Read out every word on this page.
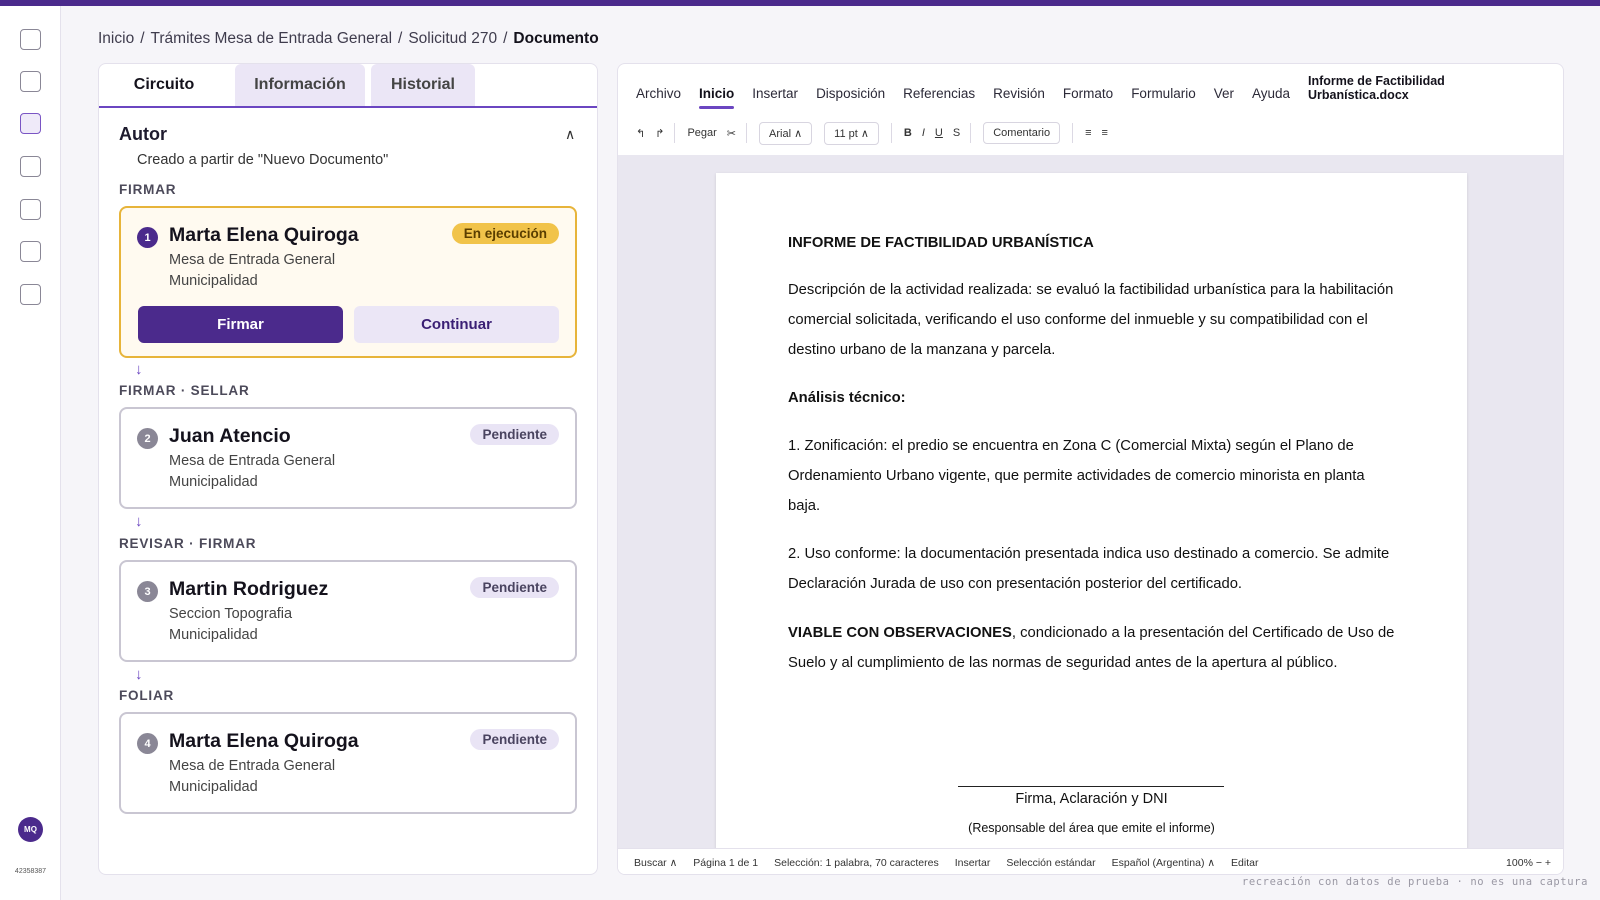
MQ
42358387
Inicio / Trámites Mesa de Entrada General / Solicitud 270 / Documento
Circuito	Información	Historial
Autor
Creado a partir de "Nuevo Documento"
∧
FIRMAR
1 Marta Elena Quiroga	En ejecución
Mesa de Entrada General
Municipalidad
Firmar	Continuar
↓
FIRMAR · SELLAR
2 Juan Atencio	Pendiente
Mesa de Entrada General
Municipalidad
↓
REVISAR · FIRMAR
3 Martin Rodriguez	Pendiente
Seccion Topografia
Municipalidad
↓
FOLIAR
4 Marta Elena Quiroga	Pendiente
Mesa de Entrada General
Municipalidad
Archivo Inicio Insertar Disposición Referencias Revisión Formato Formulario Ver Ayuda
Informe de Factibilidad Urbanística.docx
↰ ↱ Pegar ✂	Arial ∧	11 pt ∧	B I U S	Comentario	≡ ≡
INFORME DE FACTIBILIDAD URBANÍSTICA
Descripción de la actividad realizada: se evaluó la factibilidad urbanística para la habilitación comercial solicitada, verificando el uso conforme del inmueble y su compatibilidad con el destino urbano de la manzana y parcela.
Análisis técnico:
1. Zonificación: el predio se encuentra en Zona C (Comercial Mixta) según el Plano de Ordenamiento Urbano vigente, que permite actividades de comercio minorista en planta baja.
2. Uso conforme: la documentación presentada indica uso destinado a comercio. Se admite Declaración Jurada de uso con presentación posterior del certificado.
VIABLE CON OBSERVACIONES, condicionado a la presentación del Certificado de Uso de Suelo y al cumplimiento de las normas de seguridad antes de la apertura al público.
Firma, Aclaración y DNI
(Responsable del área que emite el informe)
Buscar ∧ Página 1 de 1 Selección: 1 palabra, 70 caracteres Insertar Selección estándar Español (Argentina) ∧ Editar	100% − +
recreación con datos de prueba · no es una captura
